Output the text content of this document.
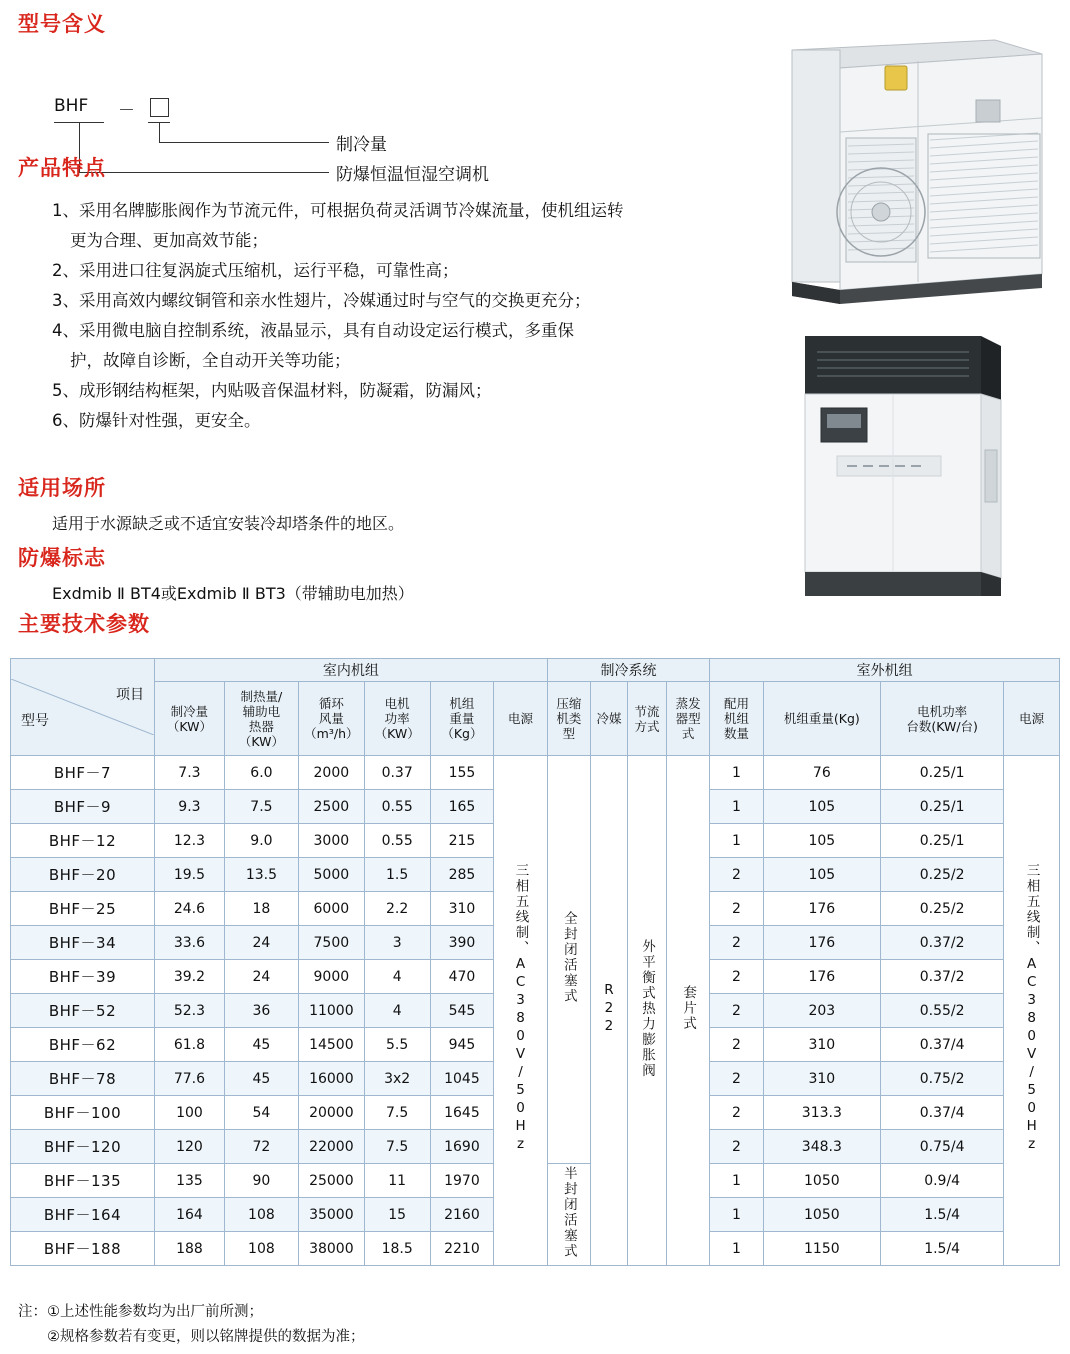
型号含义
BHF －
制冷量
防爆恒温恒湿空调机
产品特点
1、采用名牌膨胀阀作为节流元件，可根据负荷灵活调节冷媒流量，使机组运转
更为合理、更加高效节能；
2、采用进口往复涡旋式压缩机，运行平稳，可靠性高；
3、采用高效内螺纹铜管和亲水性翅片，冷媒通过时与空气的交换更充分；
4、采用微电脑自控制系统，液晶显示，具有自动设定运行模式，多重保
护，故障自诊断，全自动开关等功能；
5、成形钢结构框架，内贴吸音保温材料，防凝霜，防漏风；
6、防爆针对性强，更安全。
适用场所
适用于水源缺乏或不适宜安装冷却塔条件的地区。
防爆标志
Exdmib Ⅱ BT4或Exdmib Ⅱ BT3（带辅助电加热）
主要技术参数
项目
型号	室内机组						制冷系统				室外机组			
	制冷量
（KW）	制热量/
辅助电
热器
（KW）	循环
风量
（m³/h）	电机
功率
（KW）	机组
重量
（Kg）	电源	压缩
机类
型	冷媒	节流
方式	蒸发
器型
式	配用
机组
数量	机组重量(Kg)	电机功率
台数(KW/台)	电源
BHF－7	7.3	6.0	2000	0.37	155	三相五线制、AC380V/50Hz	全封闭活塞式	R22	外平衡式热力膨胀阀	套片式	1	76	0.25/1	三相五线制、AC380V/50Hz
BHF－9	9.3	7.5	2500	0.55	165						1	105	0.25/1	
BHF－12	12.3	9.0	3000	0.55	215						1	105	0.25/1	
BHF－20	19.5	13.5	5000	1.5	285						2	105	0.25/2	
BHF－25	24.6	18	6000	2.2	310						2	176	0.25/2	
BHF－34	33.6	24	7500	3	390						2	176	0.37/2	
BHF－39	39.2	24	9000	4	470						2	176	0.37/2	
BHF－52	52.3	36	11000	4	545						2	203	0.55/2	
BHF－62	61.8	45	14500	5.5	945						2	310	0.37/4	
BHF－78	77.6	45	16000	3x2	1045						2	310	0.75/2	
BHF－100	100	54	20000	7.5	1645						2	313.3	0.37/4	
BHF－120	120	72	22000	7.5	1690						2	348.3	0.75/4	
BHF－135	135	90	25000	11	1970		半封闭活塞式				1	1050	0.9/4	
BHF－164	164	108	35000	15	2160						1	1050	1.5/4	
BHF－188	188	108	38000	18.5	2210						1	1150	1.5/4	
注：①上述性能参数均为出厂前所测；
　　②规格参数若有变更，则以铭牌提供的数据为准；
